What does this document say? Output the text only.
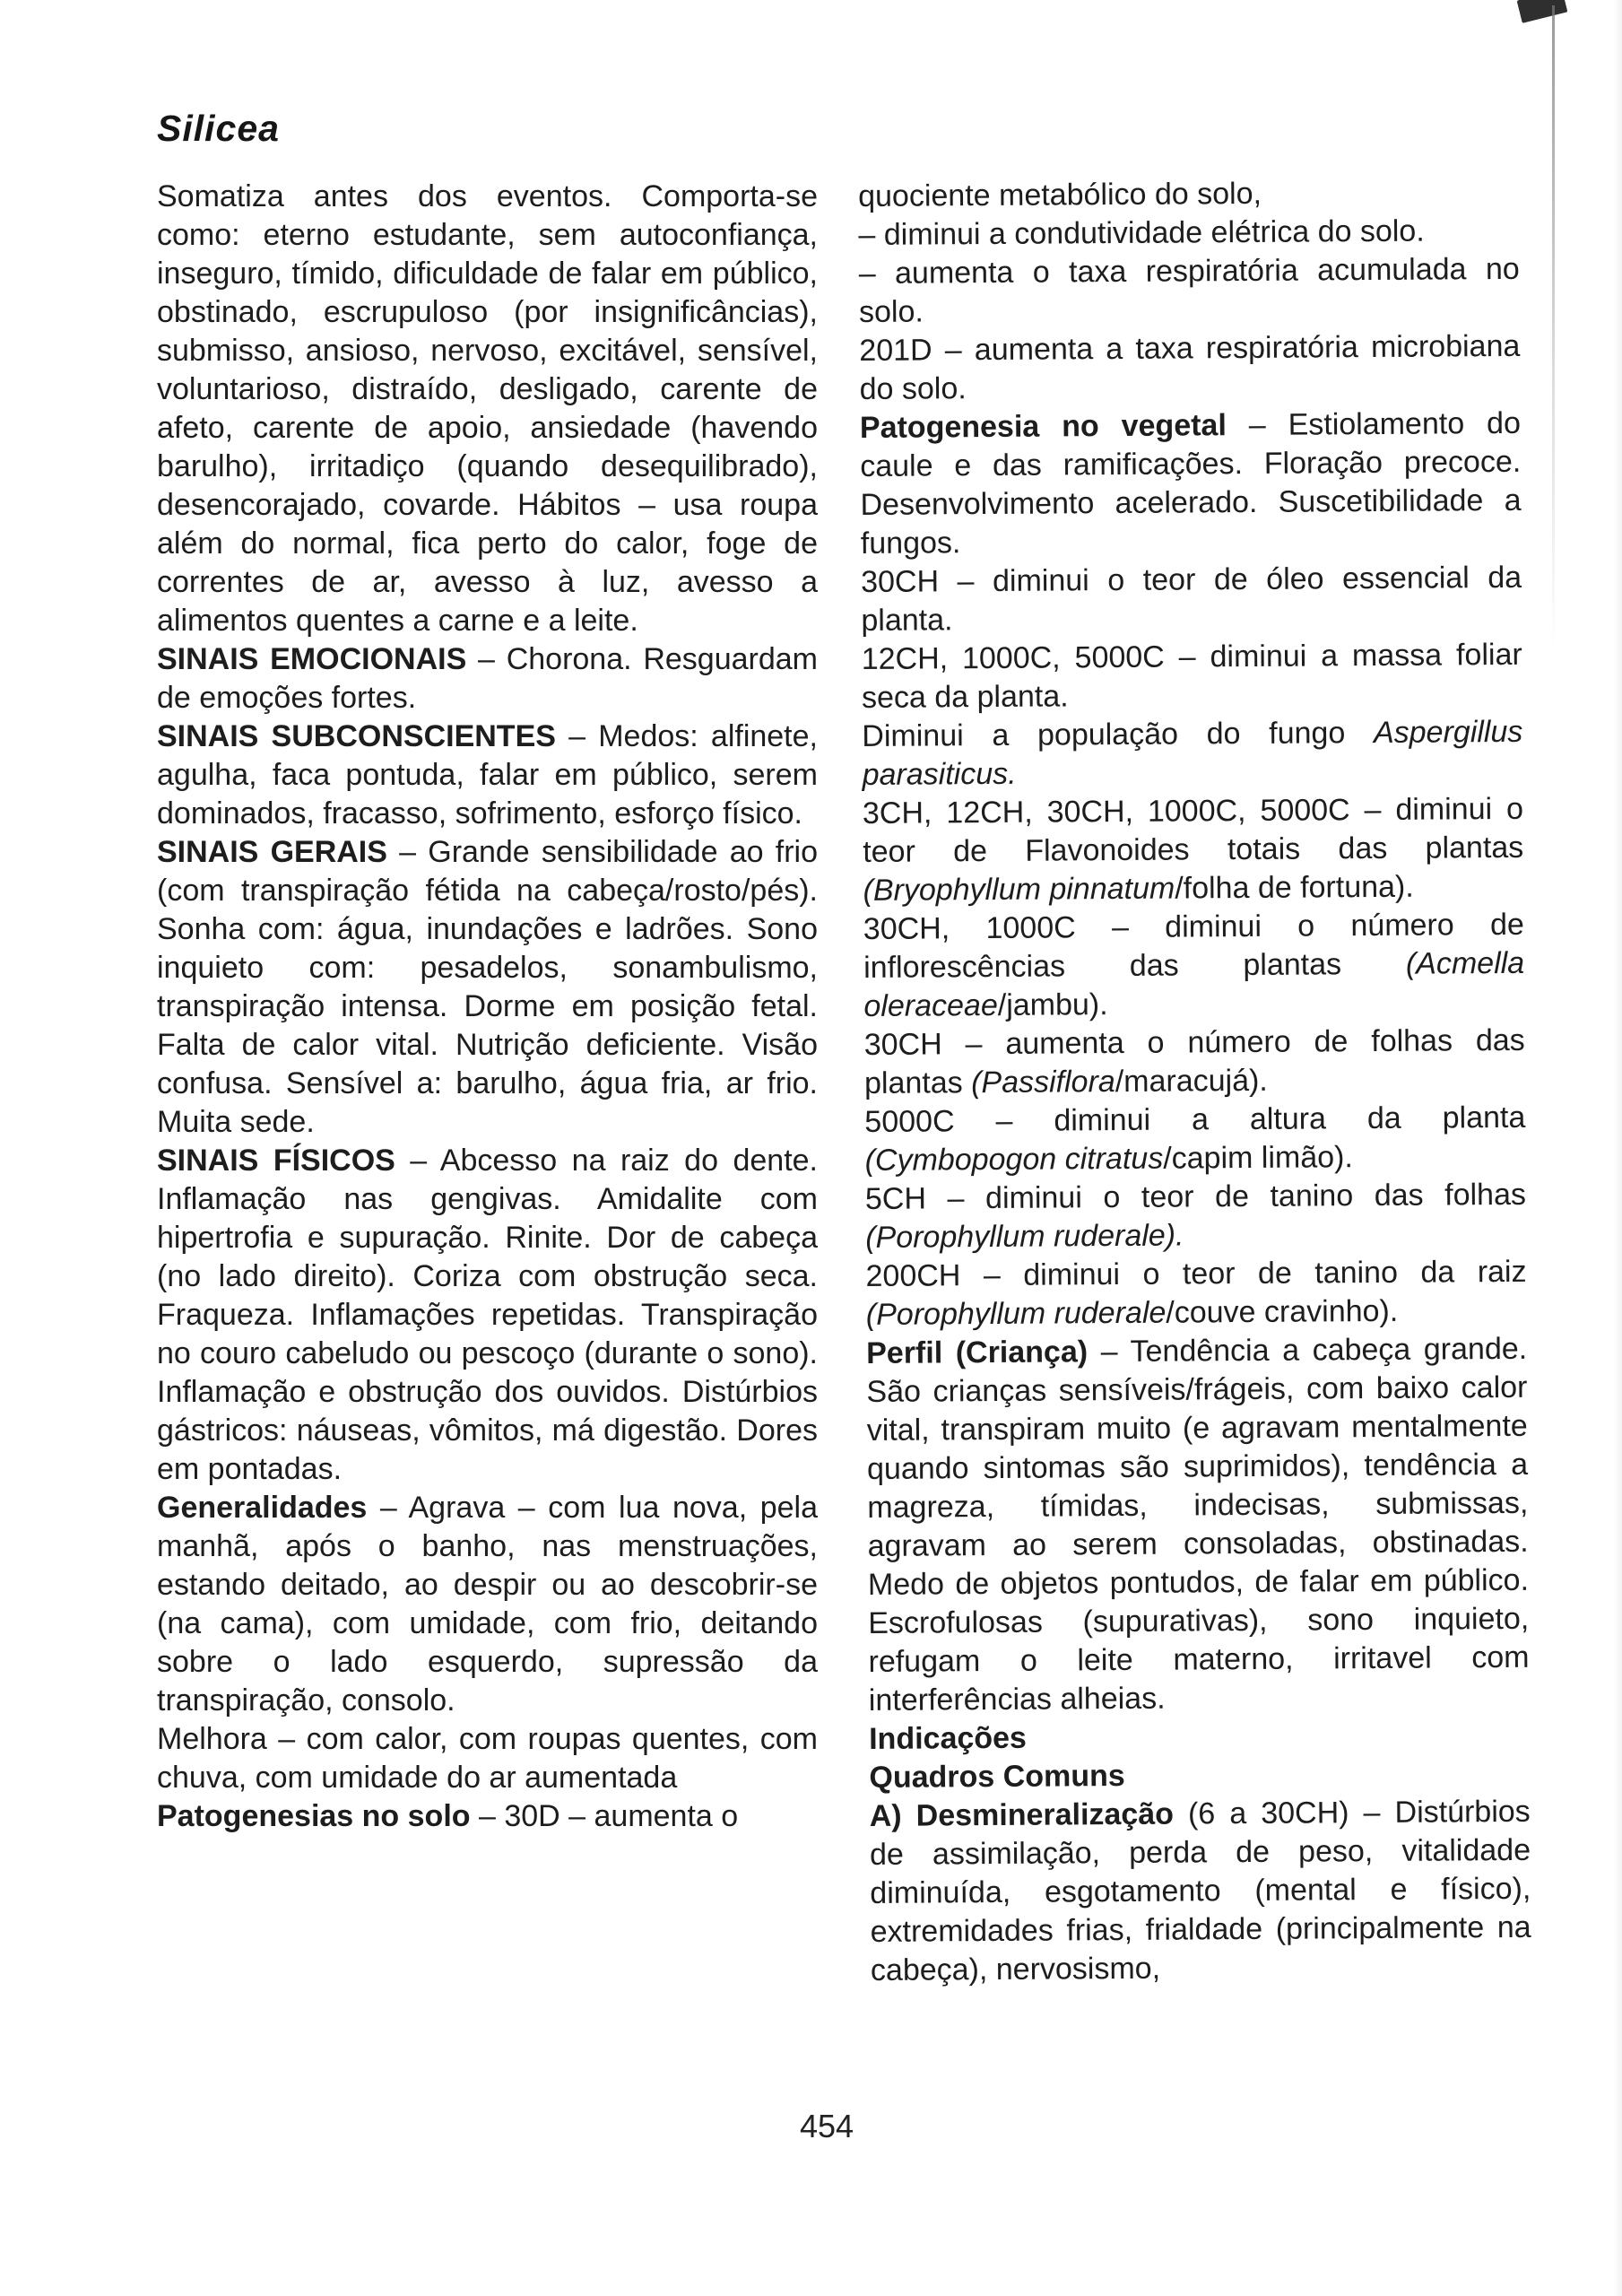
Silicea

Somatiza antes dos eventos. Comporta-se como: eterno estudante, sem autoconfiança, inseguro, tímido, dificuldade de falar em público, obstinado, escrupuloso (por insignificâncias), submisso, ansioso, nervoso, excitável, sensível, voluntarioso, distraído, desligado, carente de afeto, carente de apoio, ansiedade (havendo barulho), irritadiço (quando desequilibrado), desencorajado, covarde. Hábitos – usa roupa além do normal, fica perto do calor, foge de correntes de ar, avesso à luz, avesso a alimentos quentes a carne e a leite.

SINAIS EMOCIONAIS – Chorona. Resguardam de emoções fortes.

SINAIS SUBCONSCIENTES – Medos: alfinete, agulha, faca pontuda, falar em público, serem dominados, fracasso, sofrimento, esforço físico.

SINAIS GERAIS – Grande sensibilidade ao frio (com transpiração fétida na cabeça/rosto/pés). Sonha com: água, inundações e ladrões. Sono inquieto com: pesadelos, sonambulismo, transpiração intensa. Dorme em posição fetal. Falta de calor vital. Nutrição deficiente. Visão confusa. Sensível a: barulho, água fria, ar frio. Muita sede.

SINAIS FÍSICOS – Abcesso na raiz do dente. Inflamação nas gengivas. Amidalite com hipertrofia e supuração. Rinite. Dor de cabeça (no lado direito). Coriza com obstrução seca. Fraqueza. Inflamações repetidas. Transpiração no couro cabeludo ou pescoço (durante o sono). Inflamação e obstrução dos ouvidos. Distúrbios gástricos: náuseas, vômitos, má digestão. Dores em pontadas.

Generalidades – Agrava – com lua nova, pela manhã, após o banho, nas menstruações, estando deitado, ao despir ou ao descobrir-se (na cama), com umidade, com frio, deitando sobre o lado esquerdo, supressão da transpiração, consolo.

Melhora – com calor, com roupas quentes, com chuva, com umidade do ar aumentada

Patogenesias no solo – 30D – aumenta o

quociente metabólico do solo,

– diminui a condutividade elétrica do solo.

– aumenta o taxa respiratória acumulada no solo.

201D – aumenta a taxa respiratória microbiana do solo.

Patogenesia no vegetal – Estiolamento do caule e das ramificações. Floração precoce. Desenvolvimento acelerado. Suscetibilidade a fungos.

30CH – diminui o teor de óleo essencial da planta.

12CH, 1000C, 5000C – diminui a massa foliar seca da planta.

Diminui a população do fungo Aspergillus parasiticus.

3CH, 12CH, 30CH, 1000C, 5000C – diminui o teor de Flavonoides totais das plantas (Bryophyllum pinnatum/folha de fortuna).

30CH, 1000C – diminui o número de inflorescências das plantas (Acmella oleraceae/jambu).

30CH – aumenta o número de folhas das plantas (Passiflora/maracujá).

5000C – diminui a altura da planta (Cymbopogon citratus/capim limão).

5CH – diminui o teor de tanino das folhas (Porophyllum ruderale).

200CH – diminui o teor de tanino da raiz (Porophyllum ruderale/couve cravinho).

Perfil (Criança) – Tendência a cabeça grande. São crianças sensíveis/frágeis, com baixo calor vital, transpiram muito (e agravam mentalmente quando sintomas são suprimidos), tendência a magreza, tímidas, indecisas, submissas, agravam ao serem consoladas, obstinadas. Medo de objetos pontudos, de falar em público. Escrofulosas (supurativas), sono inquieto, refugam o leite materno, irritavel com interferências alheias.

Indicações

Quadros Comuns

A) Desmineralização (6 a 30CH) – Distúrbios de assimilação, perda de peso, vitalidade diminuída, esgotamento (mental e físico), extremidades frias, frialdade (principalmente na cabeça), nervosismo,

454
